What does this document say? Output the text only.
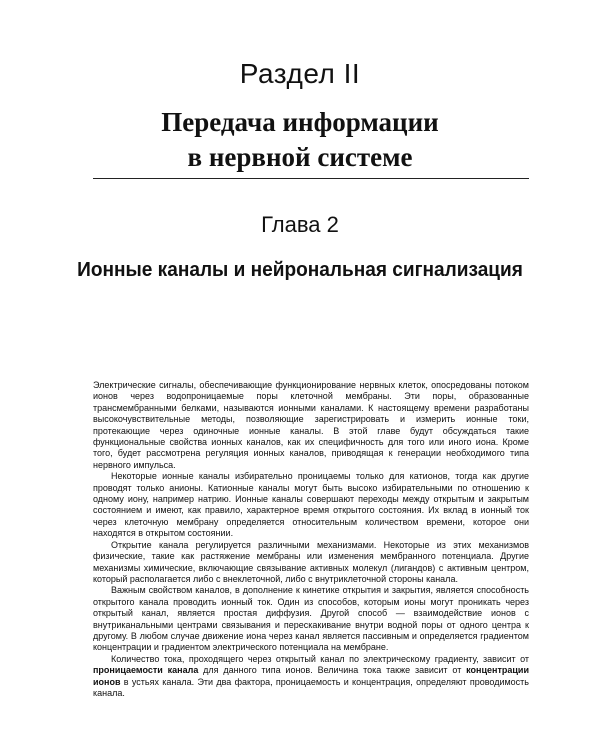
Раздел II
Передача информации
в нервной системе
Глава 2
Ионные каналы и нейрональная сигнализация

Электрические сигналы, обеспечивающие функционирование нервных клеток, опосредованы потоком ионов через водопроницаемые поры клеточной мембраны. Эти поры, образованные трансмембранными белками, называются ионными каналами. К настоящему времени разработаны высокочувствительные методы, позволяющие зарегистрировать и измерить ионные токи, протекающие через одиночные ионные каналы. В этой главе будут обсуждаться такие функциональные свойства ионных каналов, как их специфичность для того или иного иона. Кроме того, будет рассмотрена регуляция ионных каналов, приводящая к генерации необходимого типа нервного импульса.

Некоторые ионные каналы избирательно проницаемы только для катионов, тогда как другие проводят только анионы. Катионные каналы могут быть высоко избирательными по отношению к одному иону, например натрию. Ионные каналы совершают переходы между открытым и закрытым состоянием и имеют, как правило, характерное время открытого состояния. Их вклад в ионный ток через клеточную мембрану определяется относительным количеством времени, которое они находятся в открытом состоянии.

Открытие канала регулируется различными механизмами. Некоторые из этих механизмов физические, такие как растяжение мембраны или изменения мембранного потенциала. Другие механизмы химические, включающие связывание активных молекул (лигандов) с активным центром, который располагается либо с внеклеточной, либо с внутриклеточной стороны канала.

Важным свойством каналов, в дополнение к кинетике открытия и закрытия, является способность открытого канала проводить ионный ток. Один из способов, которым ионы могут проникать через открытый канал, является простая диффузия. Другой способ — взаимодействие ионов с внутриканальными центрами связывания и перескакивание внутри водной поры от одного центра к другому. В любом случае движение иона через канал является пассивным и определяется градиентом концентрации и градиентом электрического потенциала на мембране.

Количество тока, проходящего через открытый канал по электрическому градиенту, зависит от проницаемости канала для данного типа ионов. Величина тока также зависит от концентрации ионов в устьях канала. Эти два фактора, проницаемость и концентрация, определяют проводимость канала.
